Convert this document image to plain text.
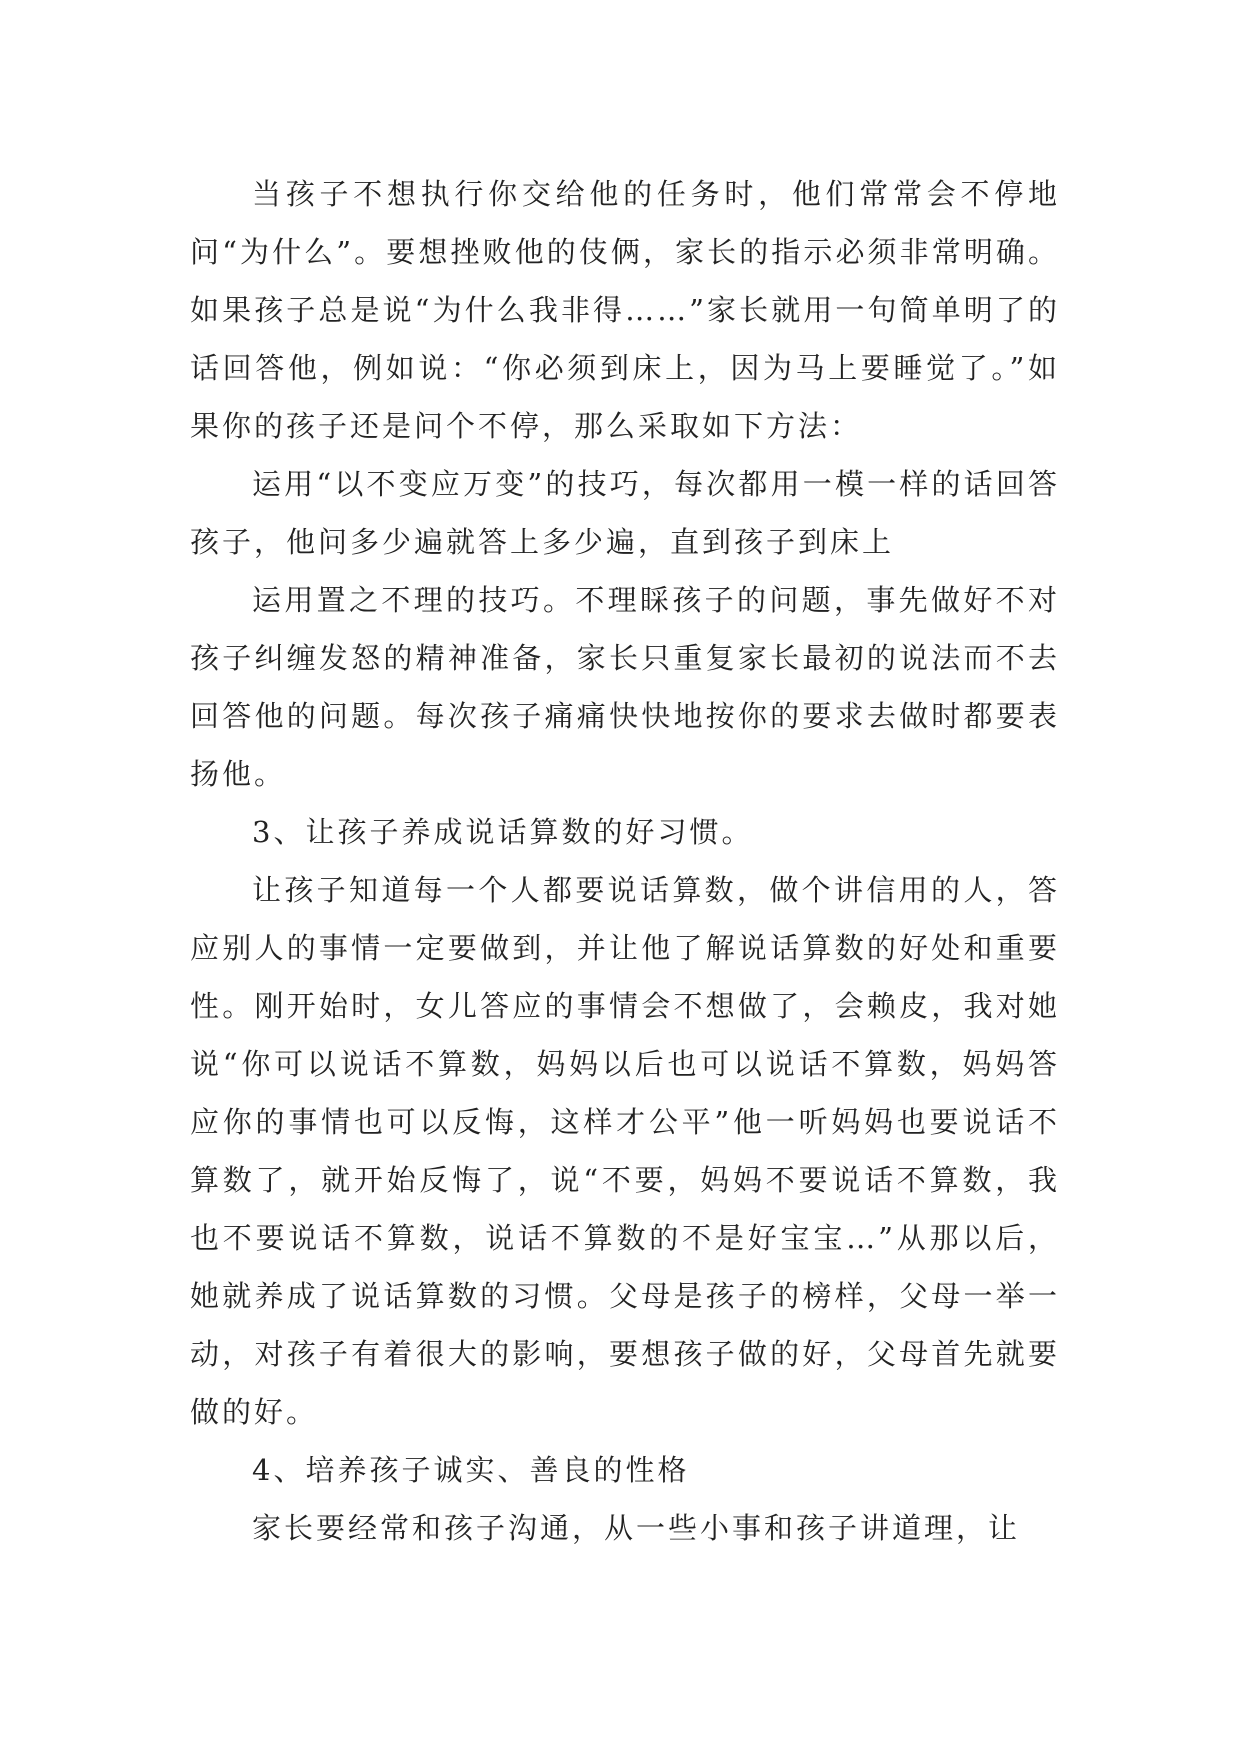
当孩子不想执行你交给他的任务时，他们常常会不停地问“为什么”。要想挫败他的伎俩，家长的指示必须非常明确。如果孩子总是说“为什么我非得……”家长就用一句简单明了的话回答他，例如说：“你必须到床上，因为马上要睡觉了。”如果你的孩子还是问个不停，那么采取如下方法：

运用“以不变应万变”的技巧，每次都用一模一样的话回答孩子，他问多少遍就答上多少遍，直到孩子到床上

运用置之不理的技巧。不理睬孩子的问题，事先做好不对孩子纠缠发怒的精神准备，家长只重复家长最初的说法而不去回答他的问题。每次孩子痛痛快快地按你的要求去做时都要表扬他。

3、让孩子养成说话算数的好习惯。

让孩子知道每一个人都要说话算数，做个讲信用的人，答应别人的事情一定要做到，并让他了解说话算数的好处和重要性。刚开始时，女儿答应的事情会不想做了，会赖皮，我对她说“你可以说话不算数，妈妈以后也可以说话不算数，妈妈答应你的事情也可以反悔，这样才公平”他一听妈妈也要说话不算数了，就开始反悔了，说“不要，妈妈不要说话不算数，我也不要说话不算数，说话不算数的不是好宝宝…”从那以后，她就养成了说话算数的习惯。父母是孩子的榜样，父母一举一动，对孩子有着很大的影响，要想孩子做的好，父母首先就要做的好。

4、培养孩子诚实、善良的性格

家长要经常和孩子沟通，从一些小事和孩子讲道理，让
